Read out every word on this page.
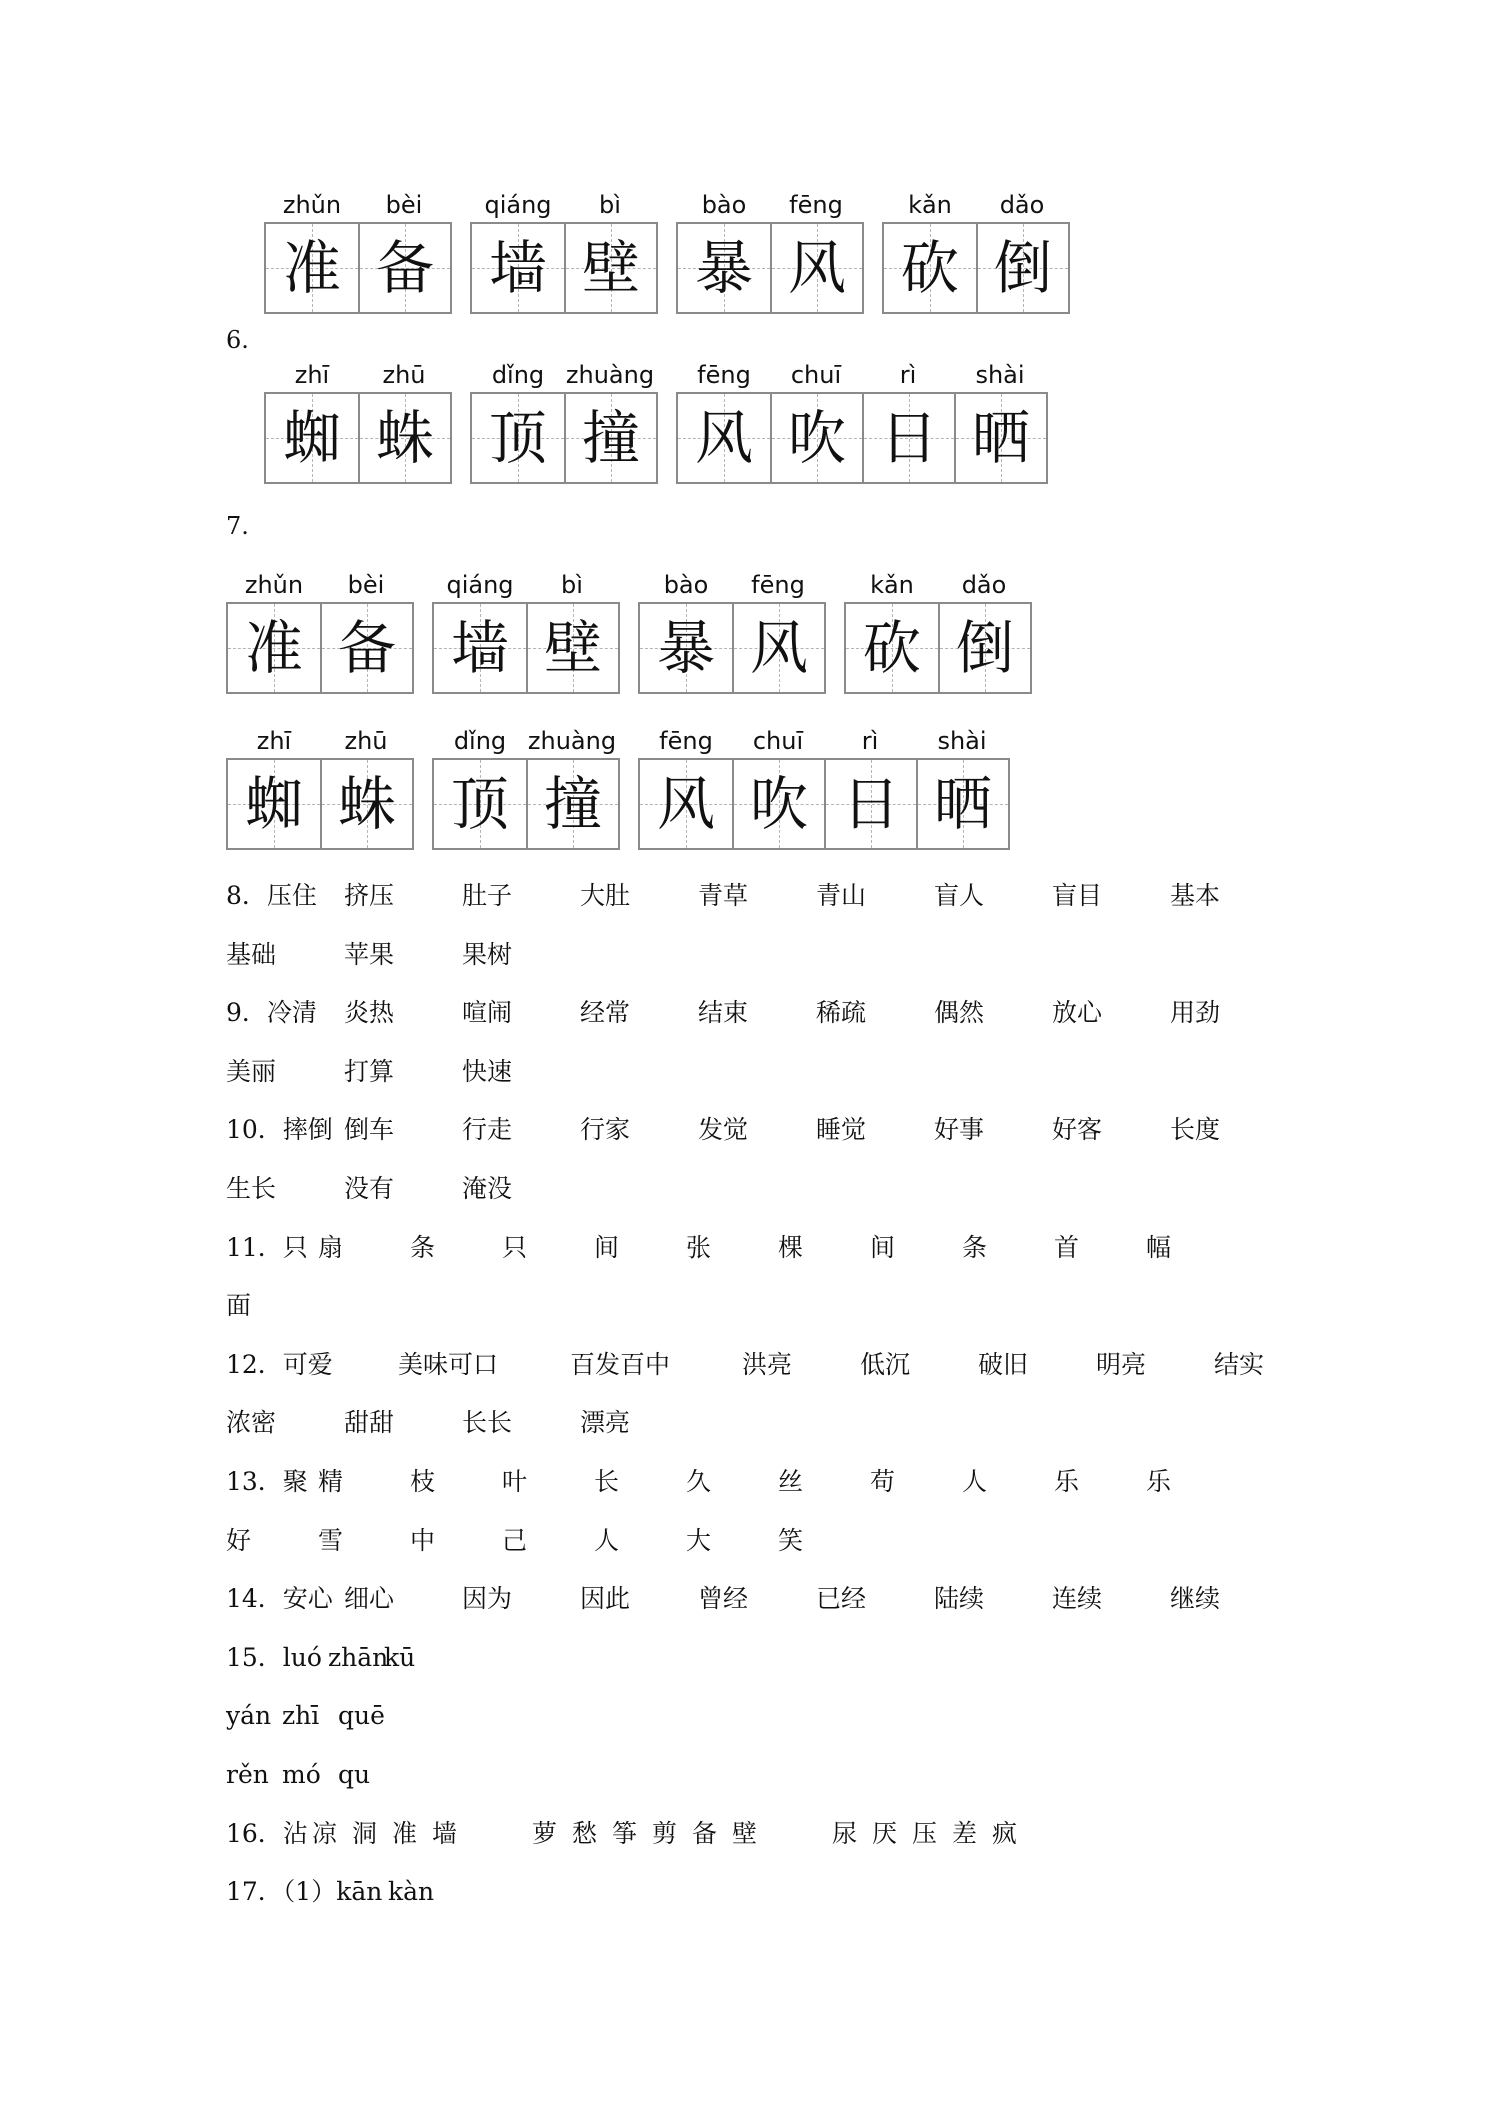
zhǔn	bèi
准 备
qiáng	bì
墙 壁
bào	fēng
暴 风
kǎn	dǎo
砍 倒
6.
zhī	zhū
蜘 蛛
dǐng zhuàng
顶 撞
fēng	chuī	rì	shài
风 吹 日 晒
7.
zhǔn	bèi
准 备
qiáng	bì
墙 壁
bào	fēng
暴 风
kǎn	dǎo
砍 倒
zhī	zhū
蜘 蛛
dǐng zhuàng
顶 撞
fēng	chuī	rì	shài
风 吹 日 晒
8．压住 挤压	肚子	大肚	青草	青山	盲人	盲目	基本
基础	苹果	果树
9．冷清 炎热	喧闹	经常	结束	稀疏	偶然	放心	用劲
美丽	打算	快速
10．摔倒 倒车	行走	行家	发觉	睡觉	好事	好客	长度
生长	没有	淹没
11．只 扇	条	只	间	张	棵	间	条	首	幅
面
12．可爱	美味可口	百发百中	洪亮	低沉	破旧	明亮	结实
浓密	甜甜	长长	漂亮
13．聚 精	枝	叶	长	久	丝	苟	人	乐	乐
好	雪	中	己	人	大	笑
14．安心 细心	因为	因此	曾经	已经	陆续	连续	继续
15．luó zhān
kū
yán zhī quē
rěn mó qu
16．沾 凉 洞 准 墙	萝 愁 筝 剪 备 壁	尿 厌 压 差 疯
17．（1）kān kàn
